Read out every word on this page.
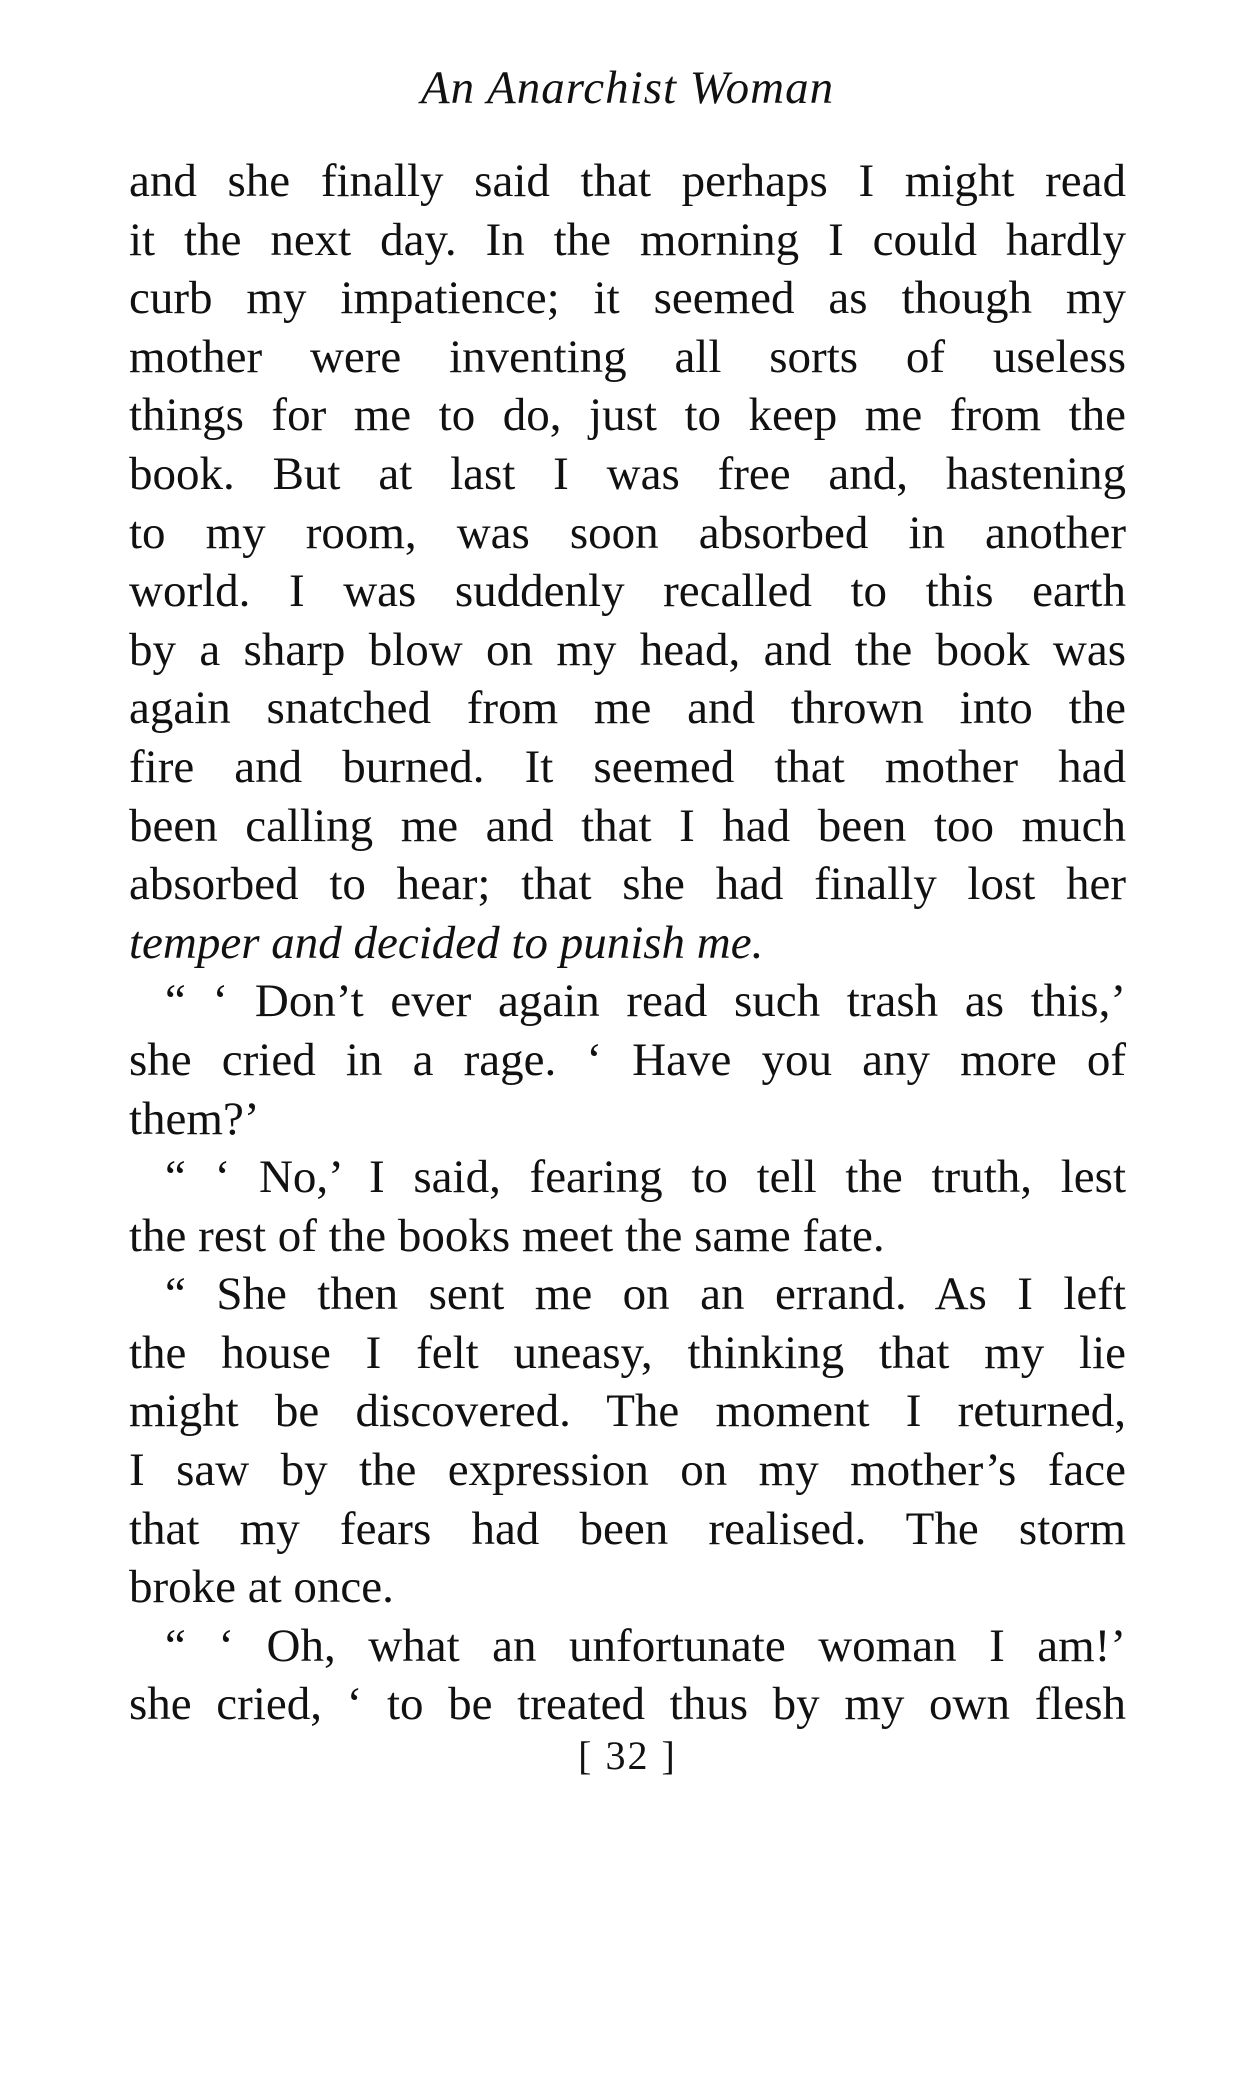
An Anarchist Woman
and she finally said that perhaps I might read
it the next day. In the morning I could hardly
curb my impatience; it seemed as though my
mother were inventing all sorts of useless
things for me to do, just to keep me from the
book. But at last I was free and, hastening
to my room, was soon absorbed in another
world. I was suddenly recalled to this earth
by a sharp blow on my head, and the book was
again snatched from me and thrown into the
fire and burned. It seemed that mother had
been calling me and that I had been too much
absorbed to hear; that she had finally lost her
temper and decided to punish me.
“ ‘ Don’t ever again read such trash as this,’
she cried in a rage. ‘ Have you any more of
them?’
“ ‘ No,’ I said, fearing to tell the truth, lest
the rest of the books meet the same fate.
“ She then sent me on an errand. As I left
the house I felt uneasy, thinking that my lie
might be discovered. The moment I returned,
I saw by the expression on my mother’s face
that my fears had been realised. The storm
broke at once.
“ ‘ Oh, what an unfortunate woman I am!’
she cried, ‘ to be treated thus by my own flesh
[ 32 ]
